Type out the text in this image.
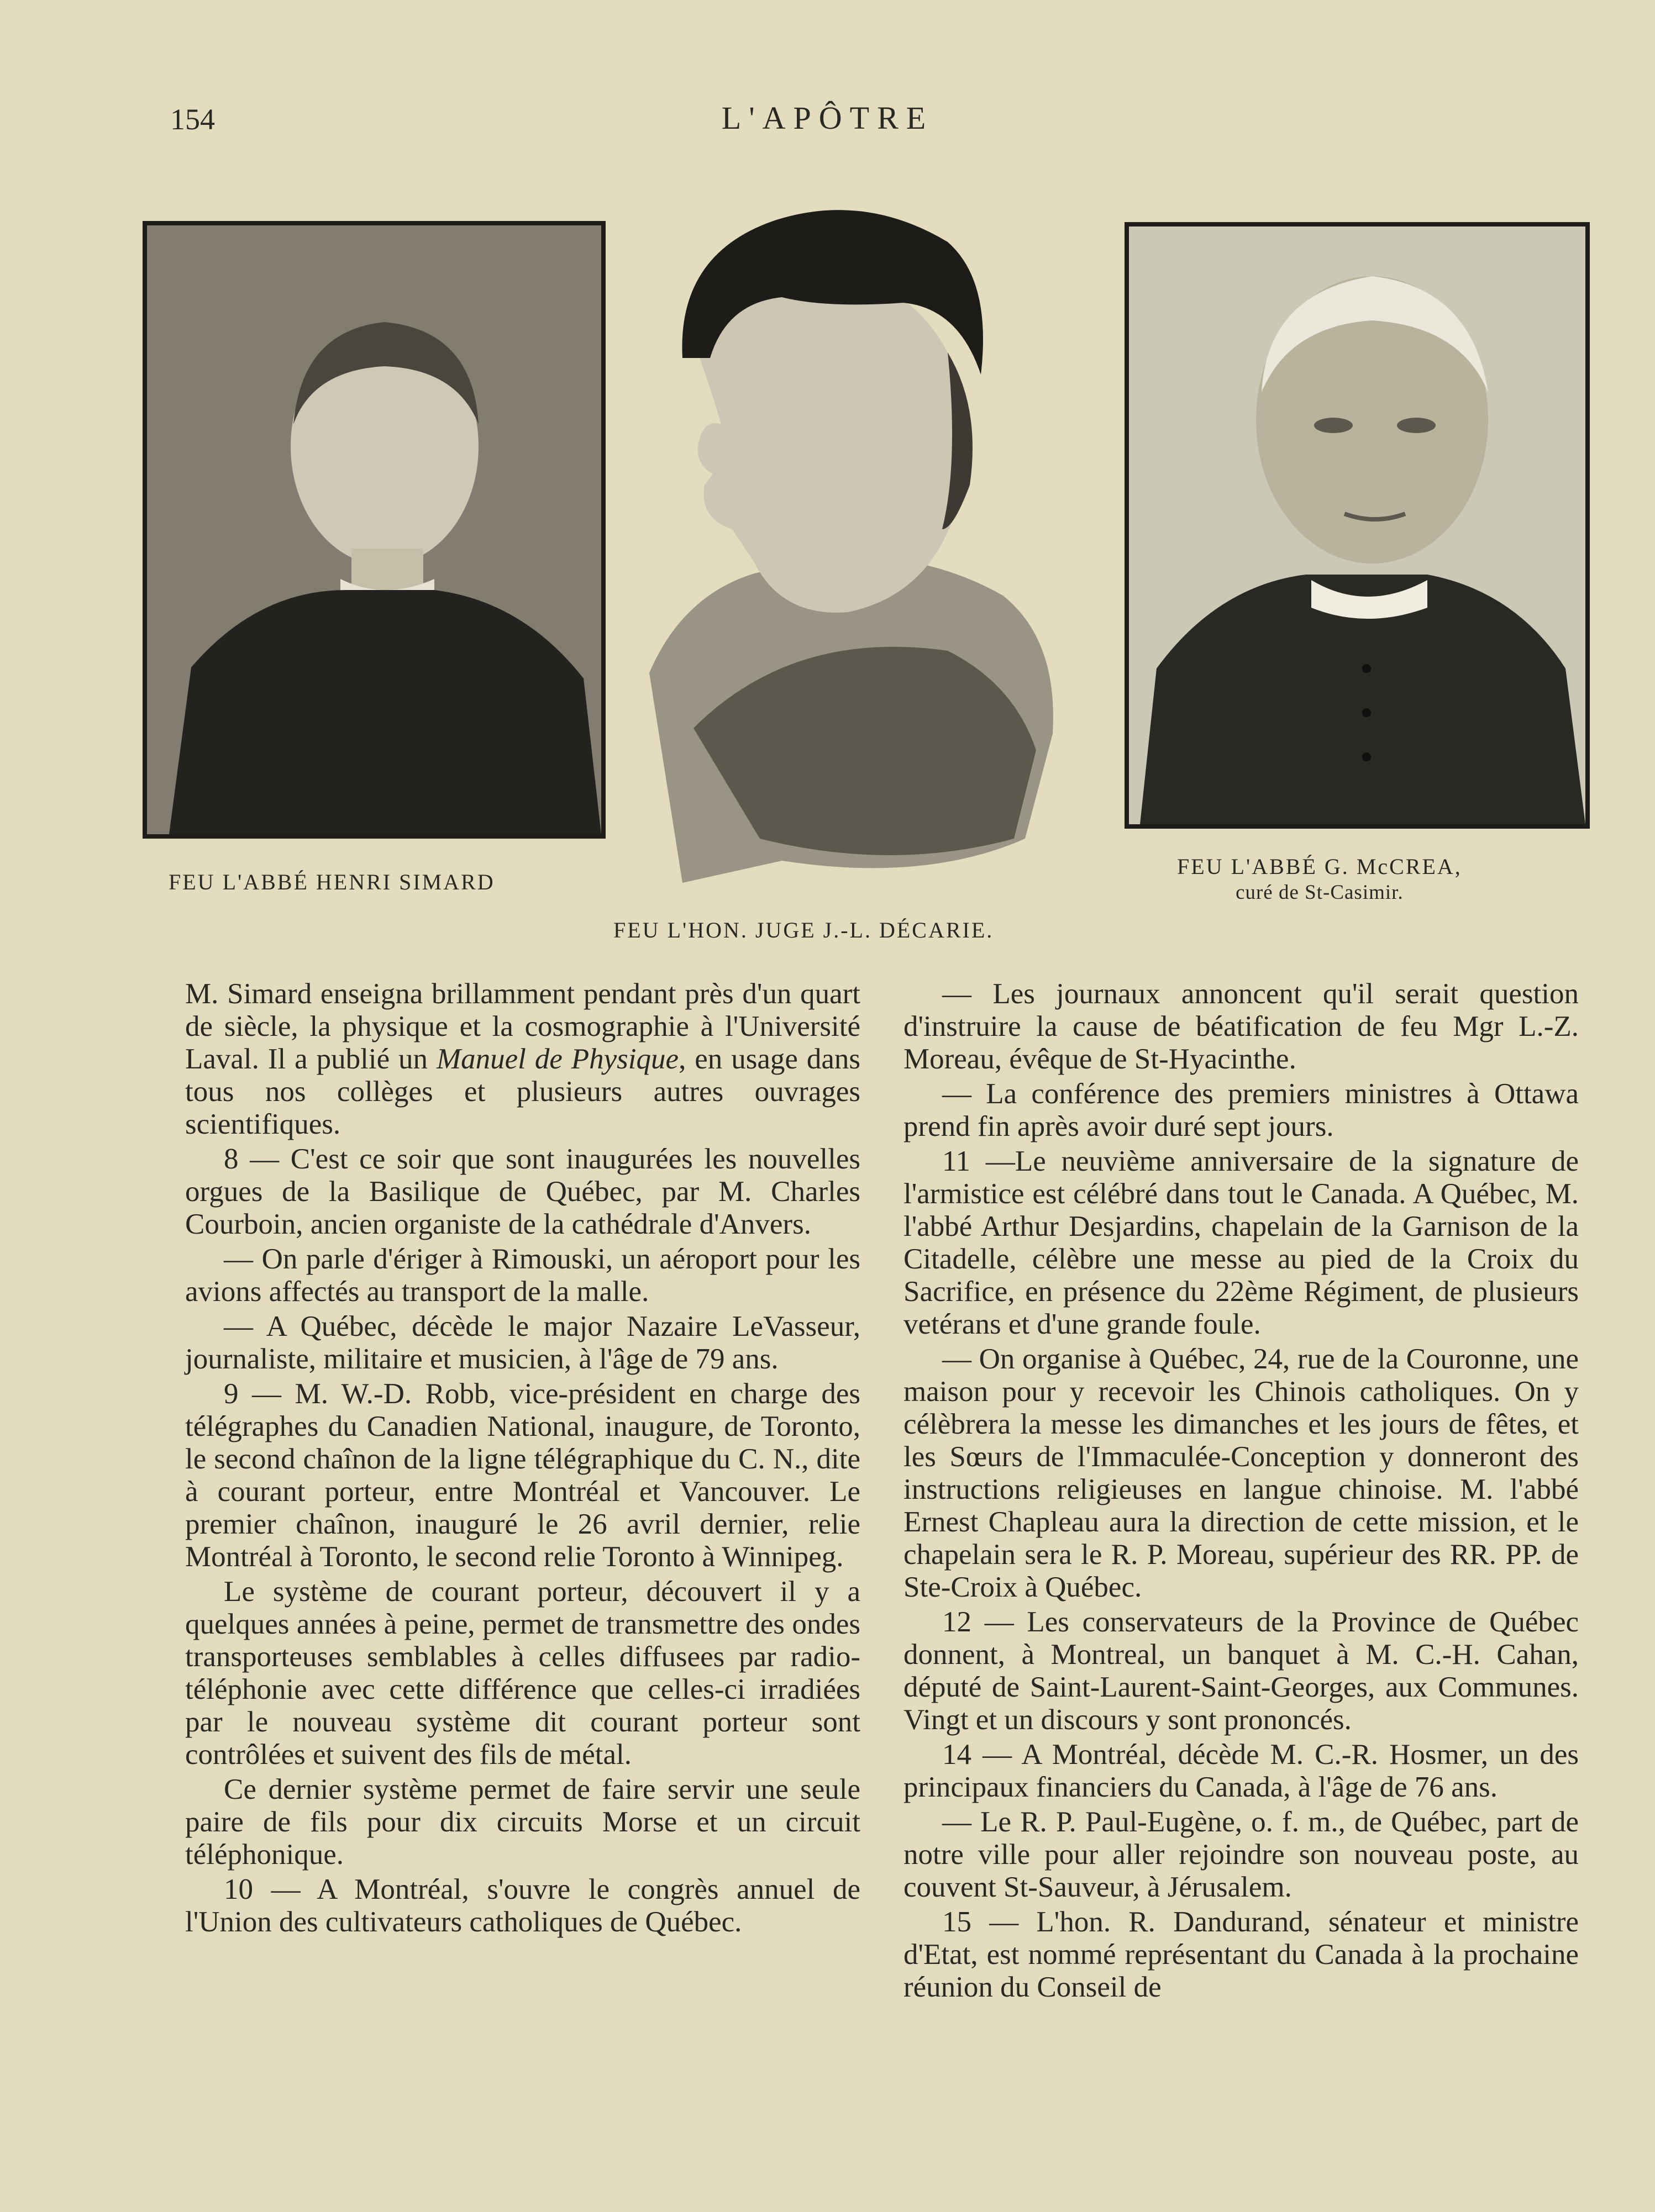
154	L'APÔTRE
FEU L'ABBÉ HENRI SIMARD
FEU L'ABBÉ G. McCREA,
curé de St-Casimir.
FEU L'HON. JUGE J.-L. DÉCARIE.

M. Simard enseigna brillamment pendant près d'un quart de siècle, la physique et la cosmographie à l'Université Laval. Il a publié un Manuel de Physique, en usage dans tous nos collèges et plusieurs autres ouvrages scientifiques.

8 — C'est ce soir que sont inaugurées les nouvelles orgues de la Basilique de Québec, par M. Charles Courboin, ancien organiste de la cathédrale d'Anvers.

— On parle d'ériger à Rimouski, un aéroport pour les avions affectés au transport de la malle.

— A Québec, décède le major Nazaire LeVasseur, journaliste, militaire et musicien, à l'âge de 79 ans.

9 — M. W.-D. Robb, vice-président en charge des télégraphes du Canadien National, inaugure, de Toronto, le second chaînon de la ligne télégraphique du C. N., dite à courant porteur, entre Montréal et Vancouver. Le premier chaînon, inauguré le 26 avril dernier, relie Montréal à Toronto, le second relie Toronto à Winnipeg.

Le système de courant porteur, découvert il y a quelques années à peine, permet de transmettre des ondes transporteuses semblables à celles diffusees par radio-téléphonie avec cette différence que celles-ci irradiées par le nouveau système dit courant porteur sont contrôlées et suivent des fils de métal.

Ce dernier système permet de faire servir une seule paire de fils pour dix circuits Morse et un circuit téléphonique.

10 — A Montréal, s'ouvre le congrès annuel de l'Union des cultivateurs catholiques de Québec.

— Les journaux annoncent qu'il serait question d'instruire la cause de béatification de feu Mgr L.-Z. Moreau, évêque de St-Hyacinthe.

— La conférence des premiers ministres à Ottawa prend fin après avoir duré sept jours.

11 —Le neuvième anniversaire de la signature de l'armistice est célébré dans tout le Canada. A Québec, M. l'abbé Arthur Desjardins, chapelain de la Garnison de la Citadelle, célèbre une messe au pied de la Croix du Sacrifice, en présence du 22ème Régiment, de plusieurs vetérans et d'une grande foule.

— On organise à Québec, 24, rue de la Couronne, une maison pour y recevoir les Chinois catholiques. On y célèbrera la messe les dimanches et les jours de fêtes, et les Sœurs de l'Immaculée-Conception y donneront des instructions religieuses en langue chinoise. M. l'abbé Ernest Chapleau aura la direction de cette mission, et le chapelain sera le R. P. Moreau, supérieur des RR. PP. de Ste-Croix à Québec.

12 — Les conservateurs de la Province de Québec donnent, à Montreal, un banquet à M. C.-H. Cahan, député de Saint-Laurent-Saint-Georges, aux Communes. Vingt et un discours y sont prononcés.

14 — A Montréal, décède M. C.-R. Hosmer, un des principaux financiers du Canada, à l'âge de 76 ans.

— Le R. P. Paul-Eugène, o. f. m., de Québec, part de notre ville pour aller rejoindre son nouveau poste, au couvent St-Sauveur, à Jérusalem.

15 — L'hon. R. Dandurand, sénateur et ministre d'Etat, est nommé représentant du Canada à la prochaine réunion du Conseil de
